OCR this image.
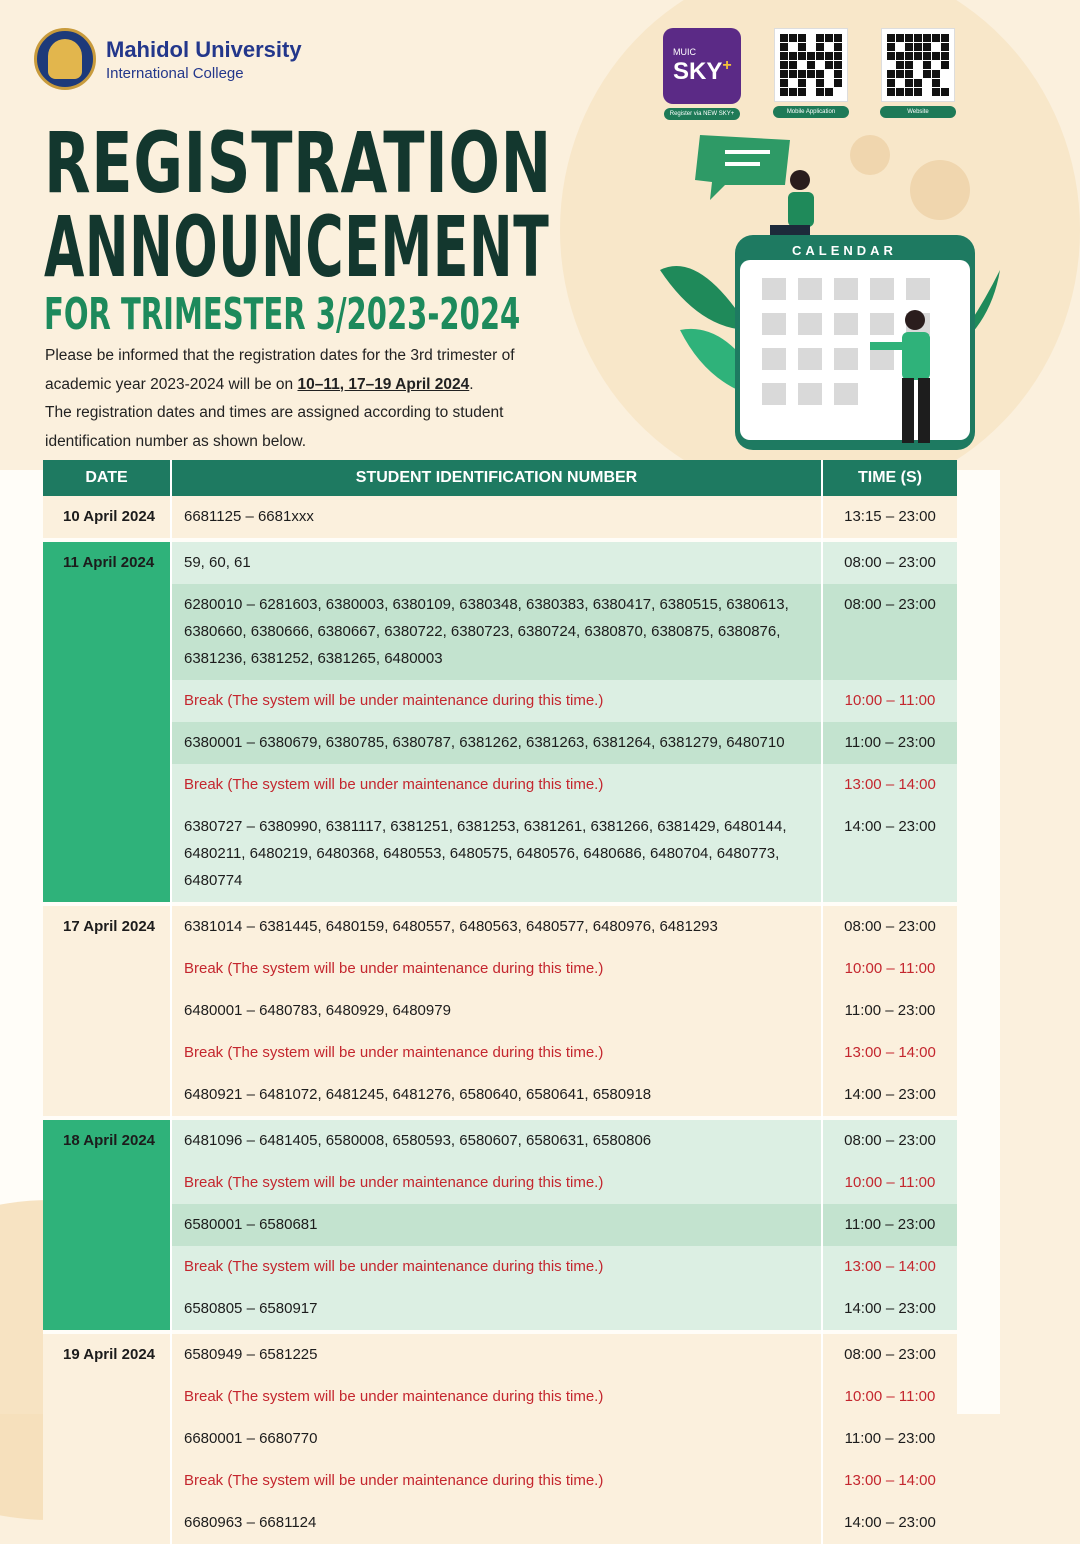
Mahidol University
International College
REGISTRATION
ANNOUNCEMENT
FOR TRIMESTER 3/2023-2024
Please be informed that the registration dates for the 3rd trimester of academic year 2023-2024 will be on 10–11, 17–19 April 2024.
The registration dates and times are assigned according to student identification number as shown below.
MUIC
SKY+
Register via NEW SKY+	Mobile Application	Website
CALENDAR
DATE	STUDENT IDENTIFICATION NUMBER	TIME (S)

10 April 2024	6681125 – 6681xxx	13:15 – 23:00

11 April 2024	59, 60, 61	08:00 – 23:00

	6280010 – 6281603, 6380003, 6380109, 6380348, 6380383, 6380417, 6380515, 6380613, 6380660, 6380666, 6380667, 6380722, 6380723, 6380724, 6380870, 6380875, 6380876, 6381236, 6381252, 6381265, 6480003	08:00 – 23:00

	Break (The system will be under maintenance during this time.)	10:00 – 11:00

	6380001 – 6380679, 6380785, 6380787, 6381262, 6381263, 6381264, 6381279, 6480710	11:00 – 23:00

	Break (The system will be under maintenance during this time.)	13:00 – 14:00

	6380727 – 6380990, 6381117, 6381251, 6381253, 6381261, 6381266, 6381429, 6480144, 6480211, 6480219, 6480368, 6480553, 6480575, 6480576, 6480686, 6480704, 6480773, 6480774	14:00 – 23:00

17 April 2024	6381014 – 6381445, 6480159, 6480557, 6480563, 6480577, 6480976, 6481293	08:00 – 23:00

	Break (The system will be under maintenance during this time.)	10:00 – 11:00

	6480001 – 6480783, 6480929, 6480979	11:00 – 23:00

	Break (The system will be under maintenance during this time.)	13:00 – 14:00

	6480921 – 6481072, 6481245, 6481276, 6580640, 6580641, 6580918	14:00 – 23:00

18 April 2024	6481096 – 6481405, 6580008, 6580593, 6580607, 6580631, 6580806	08:00 – 23:00

	Break (The system will be under maintenance during this time.)	10:00 – 11:00

	6580001 – 6580681	11:00 – 23:00

	Break (The system will be under maintenance during this time.)	13:00 – 14:00

	6580805 – 6580917	14:00 – 23:00

19 April 2024	6580949 – 6581225	08:00 – 23:00

	Break (The system will be under maintenance during this time.)	10:00 – 11:00

	6680001 – 6680770	11:00 – 23:00

	Break (The system will be under maintenance during this time.)	13:00 – 14:00

	6680963 – 6681124	14:00 – 23:00
